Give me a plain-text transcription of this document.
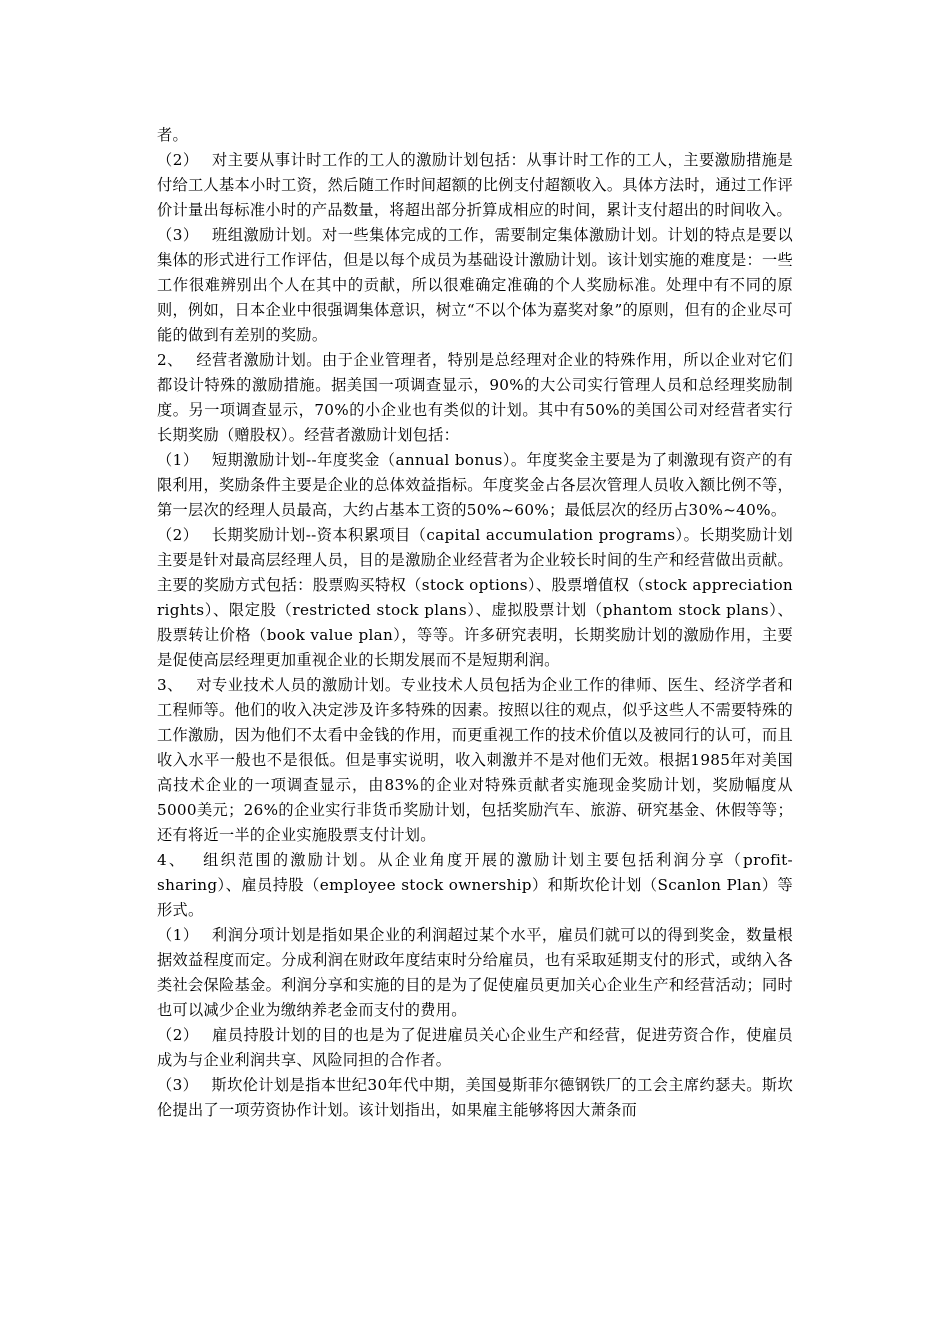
者。

（2）　 对主要从事计时工作的工人的激励计划包括：从事计时工作的工人，主要激励措施是付给工人基本小时工资，然后随工作时间超额的比例支付超额收入。具体方法时，通过工作评价计量出每标准小时的产品数量，将超出部分折算成相应的时间，累计支付超出的时间收入。

（3）　 班组激励计划。对一些集体完成的工作，需要制定集体激励计划。计划的特点是要以集体的形式进行工作评估，但是以每个成员为基础设计激励计划。该计划实施的难度是：一些工作很难辨别出个人在其中的贡献，所以很难确定准确的个人奖励标准。处理中有不同的原则，例如，日本企业中很强调集体意识，树立“不以个体为嘉奖对象”的原则，但有的企业尽可能的做到有差别的奖励。

2、　 经营者激励计划。由于企业管理者，特别是总经理对企业的特殊作用，所以企业对它们都设计特殊的激励措施。据美国一项调查显示，90%的大公司实行管理人员和总经理奖励制度。另一项调查显示，70%的小企业也有类似的计划。其中有50%的美国公司对经营者实行长期奖励（赠股权）。经营者激励计划包括：

（1）　 短期激励计划--年度奖金（annual bonus）。年度奖金主要是为了刺激现有资产的有限利用，奖励条件主要是企业的总体效益指标。年度奖金占各层次管理人员收入额比例不等，第一层次的经理人员最高，大约占基本工资的50%~60%；最低层次的经历占30%~40%。

（2）　 长期奖励计划--资本积累项目（capital accumulation programs）。长期奖励计划主要是针对最高层经理人员，目的是激励企业经营者为企业较长时间的生产和经营做出贡献。主要的奖励方式包括：股票购买特权（stock options）、股票增值权（stock appreciation rights）、限定股（restricted stock plans）、虚拟股票计划（phantom stock plans）、股票转让价格（book value plan），等等。许多研究表明，长期奖励计划的激励作用，主要是促使高层经理更加重视企业的长期发展而不是短期利润。

3、　 对专业技术人员的激励计划。专业技术人员包括为企业工作的律师、医生、经济学者和工程师等。他们的收入决定涉及许多特殊的因素。按照以往的观点，似乎这些人不需要特殊的工作激励，因为他们不太看中金钱的作用，而更重视工作的技术价值以及被同行的认可，而且收入水平一般也不是很低。但是事实说明，收入刺激并不是对他们无效。根据1985年对美国高技术企业的一项调查显示，由83%的企业对特殊贡献者实施现金奖励计划，奖励幅度从5000美元；26%的企业实行非货币奖励计划，包括奖励汽车、旅游、研究基金、休假等等；还有将近一半的企业实施股票支付计划。

4、　 组织范围的激励计划。从企业角度开展的激励计划主要包括利润分享（profit-sharing）、雇员持股（employee stock ownership）和斯坎伦计划（Scanlon Plan）等形式。

（1）　 利润分项计划是指如果企业的利润超过某个水平，雇员们就可以的得到奖金，数量根据效益程度而定。分成利润在财政年度结束时分给雇员，也有采取延期支付的形式，或纳入各类社会保险基金。利润分享和实施的目的是为了促使雇员更加关心企业生产和经营活动；同时也可以减少企业为缴纳养老金而支付的费用。

（2）　 雇员持股计划的目的也是为了促进雇员关心企业生产和经营，促进劳资合作，使雇员成为与企业利润共享、风险同担的合作者。

（3）　 斯坎伦计划是指本世纪30年代中期，美国曼斯菲尔德钢铁厂的工会主席约瑟夫。斯坎伦提出了一项劳资协作计划。该计划指出，如果雇主能够将因大萧条而
